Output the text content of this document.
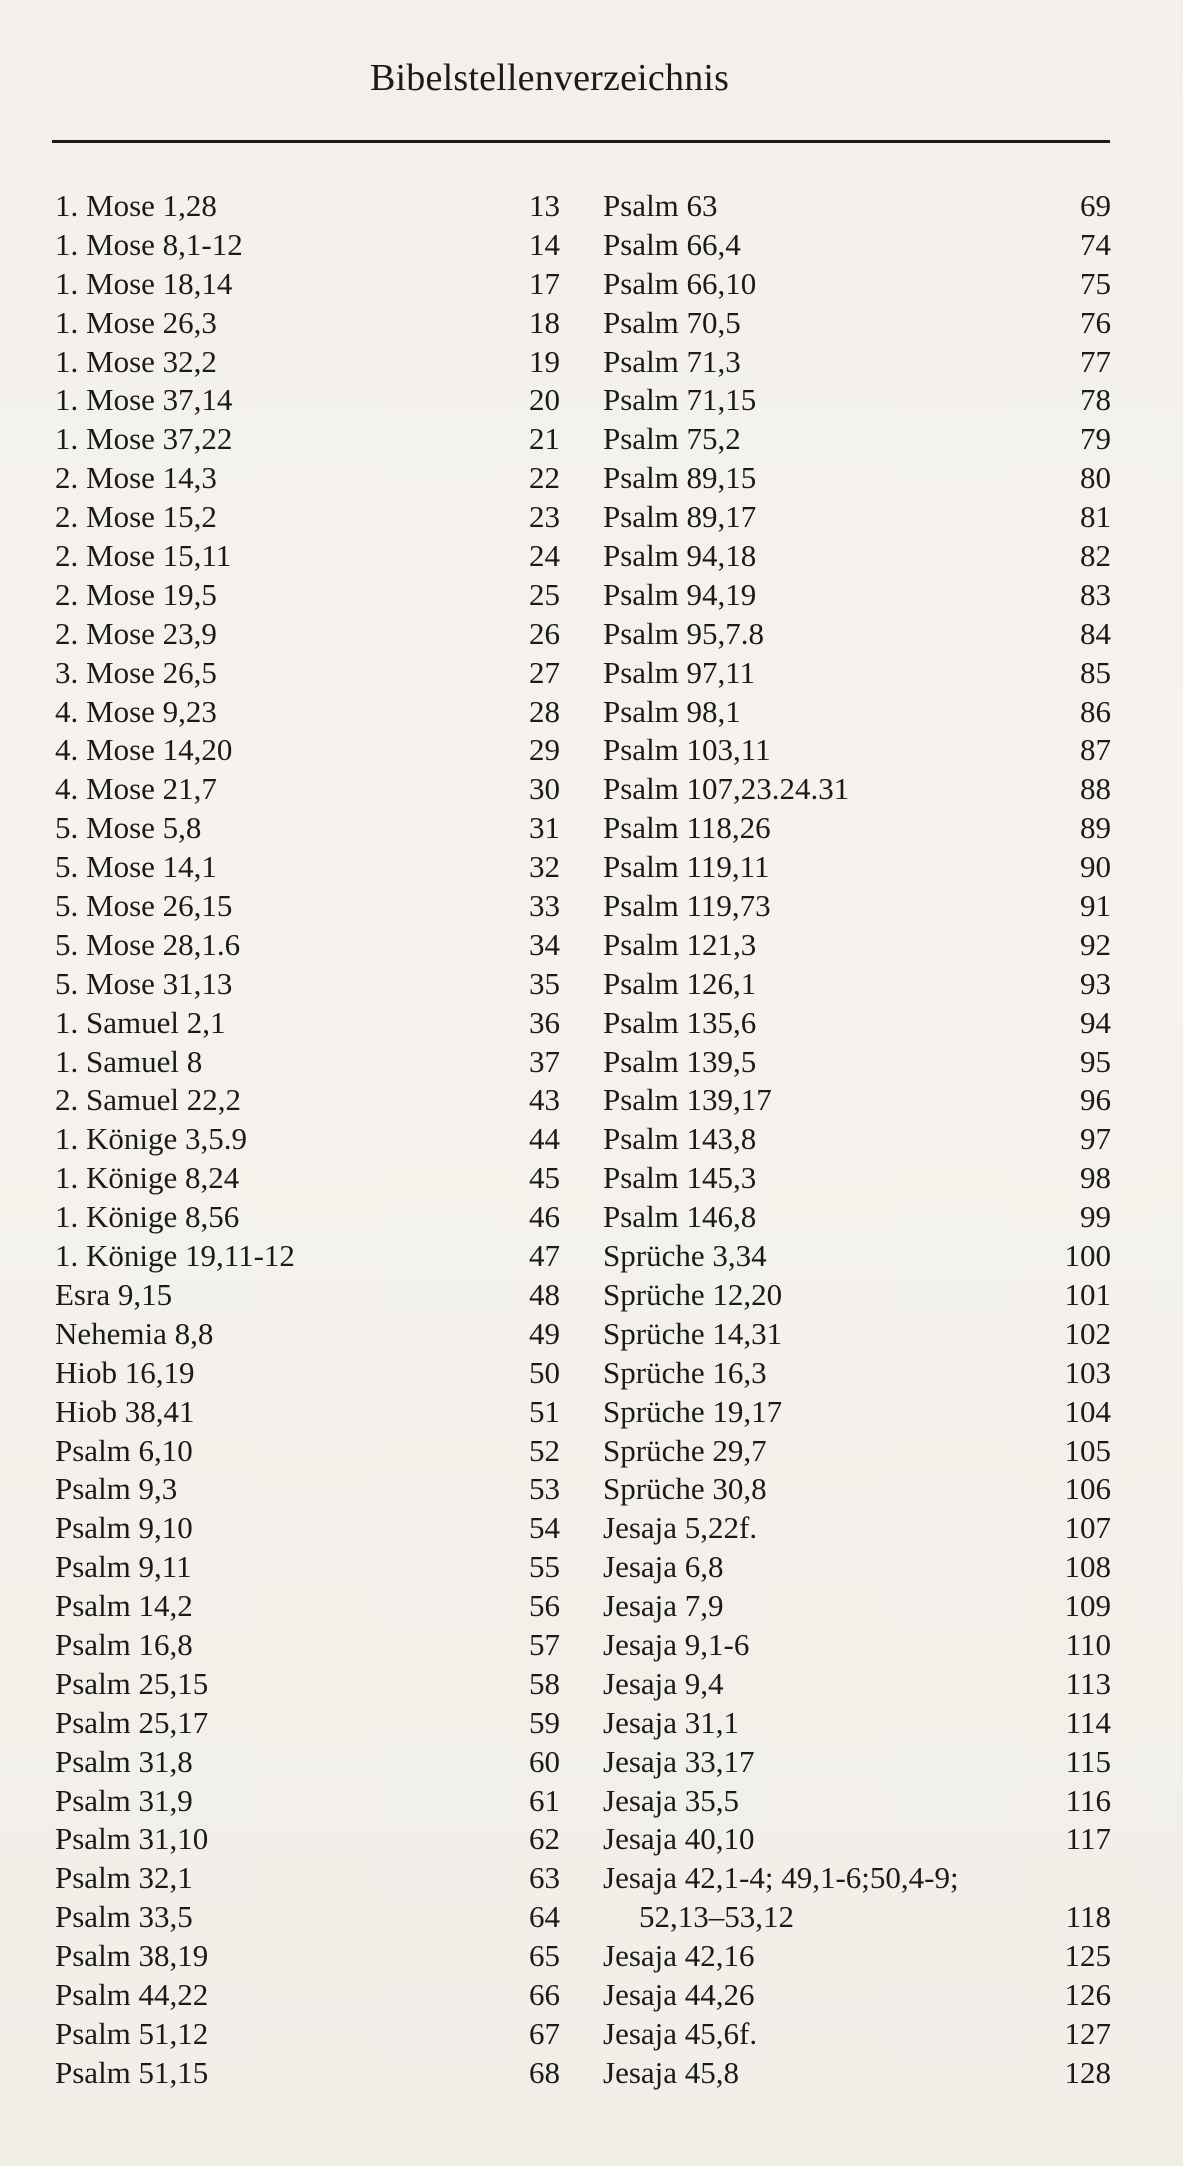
Bibelstellenverzeichnis
1. Mose 1,28	13
1. Mose 8,1-12	14
1. Mose 18,14	17
1. Mose 26,3	18
1. Mose 32,2	19
1. Mose 37,14	20
1. Mose 37,22	21
2. Mose 14,3	22
2. Mose 15,2	23
2. Mose 15,11	24
2. Mose 19,5	25
2. Mose 23,9	26
3. Mose 26,5	27
4. Mose 9,23	28
4. Mose 14,20	29
4. Mose 21,7	30
5. Mose 5,8	31
5. Mose 14,1	32
5. Mose 26,15	33
5. Mose 28,1.6	34
5. Mose 31,13	35
1. Samuel 2,1	36
1. Samuel 8	37
2. Samuel 22,2	43
1. Könige 3,5.9	44
1. Könige 8,24	45
1. Könige 8,56	46
1. Könige 19,11-12	47
Esra 9,15	48
Nehemia 8,8	49
Hiob 16,19	50
Hiob 38,41	51
Psalm 6,10	52
Psalm 9,3	53
Psalm 9,10	54
Psalm 9,11	55
Psalm 14,2	56
Psalm 16,8	57
Psalm 25,15	58
Psalm 25,17	59
Psalm 31,8	60
Psalm 31,9	61
Psalm 31,10	62
Psalm 32,1	63
Psalm 33,5	64
Psalm 38,19	65
Psalm 44,22	66
Psalm 51,12	67
Psalm 51,15	68
Psalm 63	69
Psalm 66,4	74
Psalm 66,10	75
Psalm 70,5	76
Psalm 71,3	77
Psalm 71,15	78
Psalm 75,2	79
Psalm 89,15	80
Psalm 89,17	81
Psalm 94,18	82
Psalm 94,19	83
Psalm 95,7.8	84
Psalm 97,11	85
Psalm 98,1	86
Psalm 103,11	87
Psalm 107,23.24.31	88
Psalm 118,26	89
Psalm 119,11	90
Psalm 119,73	91
Psalm 121,3	92
Psalm 126,1	93
Psalm 135,6	94
Psalm 139,5	95
Psalm 139,17	96
Psalm 143,8	97
Psalm 145,3	98
Psalm 146,8	99
Sprüche 3,34	100
Sprüche 12,20	101
Sprüche 14,31	102
Sprüche 16,3	103
Sprüche 19,17	104
Sprüche 29,7	105
Sprüche 30,8	106
Jesaja 5,22f.	107
Jesaja 6,8	108
Jesaja 7,9	109
Jesaja 9,1-6	110
Jesaja 9,4	113
Jesaja 31,1	114
Jesaja 33,17	115
Jesaja 35,5	116
Jesaja 40,10	117
Jesaja 42,1-4; 49,1-6;50,4-9;
52,13–53,12	118
Jesaja 42,16	125
Jesaja 44,26	126
Jesaja 45,6f.	127
Jesaja 45,8	128
